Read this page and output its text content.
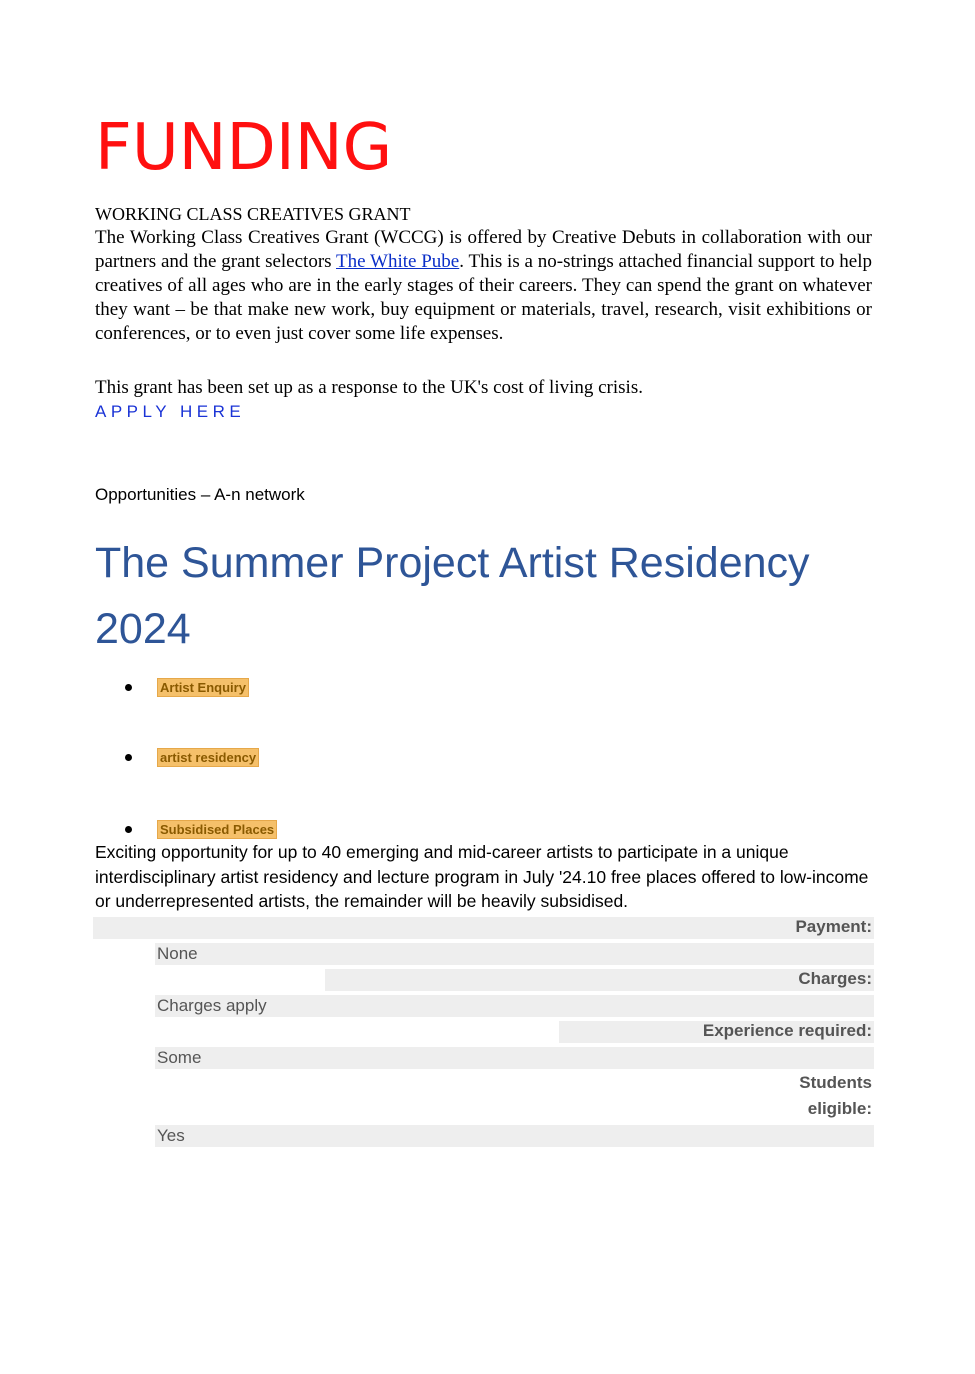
FUNDING
WORKING CLASS CREATIVES GRANT

The Working Class Creatives Grant (WCCG) is offered by Creative Debuts in collaboration with our partners and the grant selectors The White Pube. This is a no-strings attached financial support to help creatives of all ages who are in the early stages of their careers. They can spend the grant on whatever they want – be that make new work, buy equipment or materials, travel, research, visit exhibitions or conferences, or to even just cover some life expenses.

This grant has been set up as a response to the UK's cost of living crisis.
APPLY HERE
Opportunities – A-n network
The Summer Project Artist Residency 2024
Artist Enquiry
artist residency
Subsidised Places

Exciting opportunity for up to 40 emerging and mid-career artists to participate in a unique interdisciplinary artist residency and lecture program in July '24.10 free places offered to low-income or underrepresented artists, the remainder will be heavily subsidised.

Payment:
None
Charges:
Charges apply
Experience required:
Some
Students eligible:
Yes
